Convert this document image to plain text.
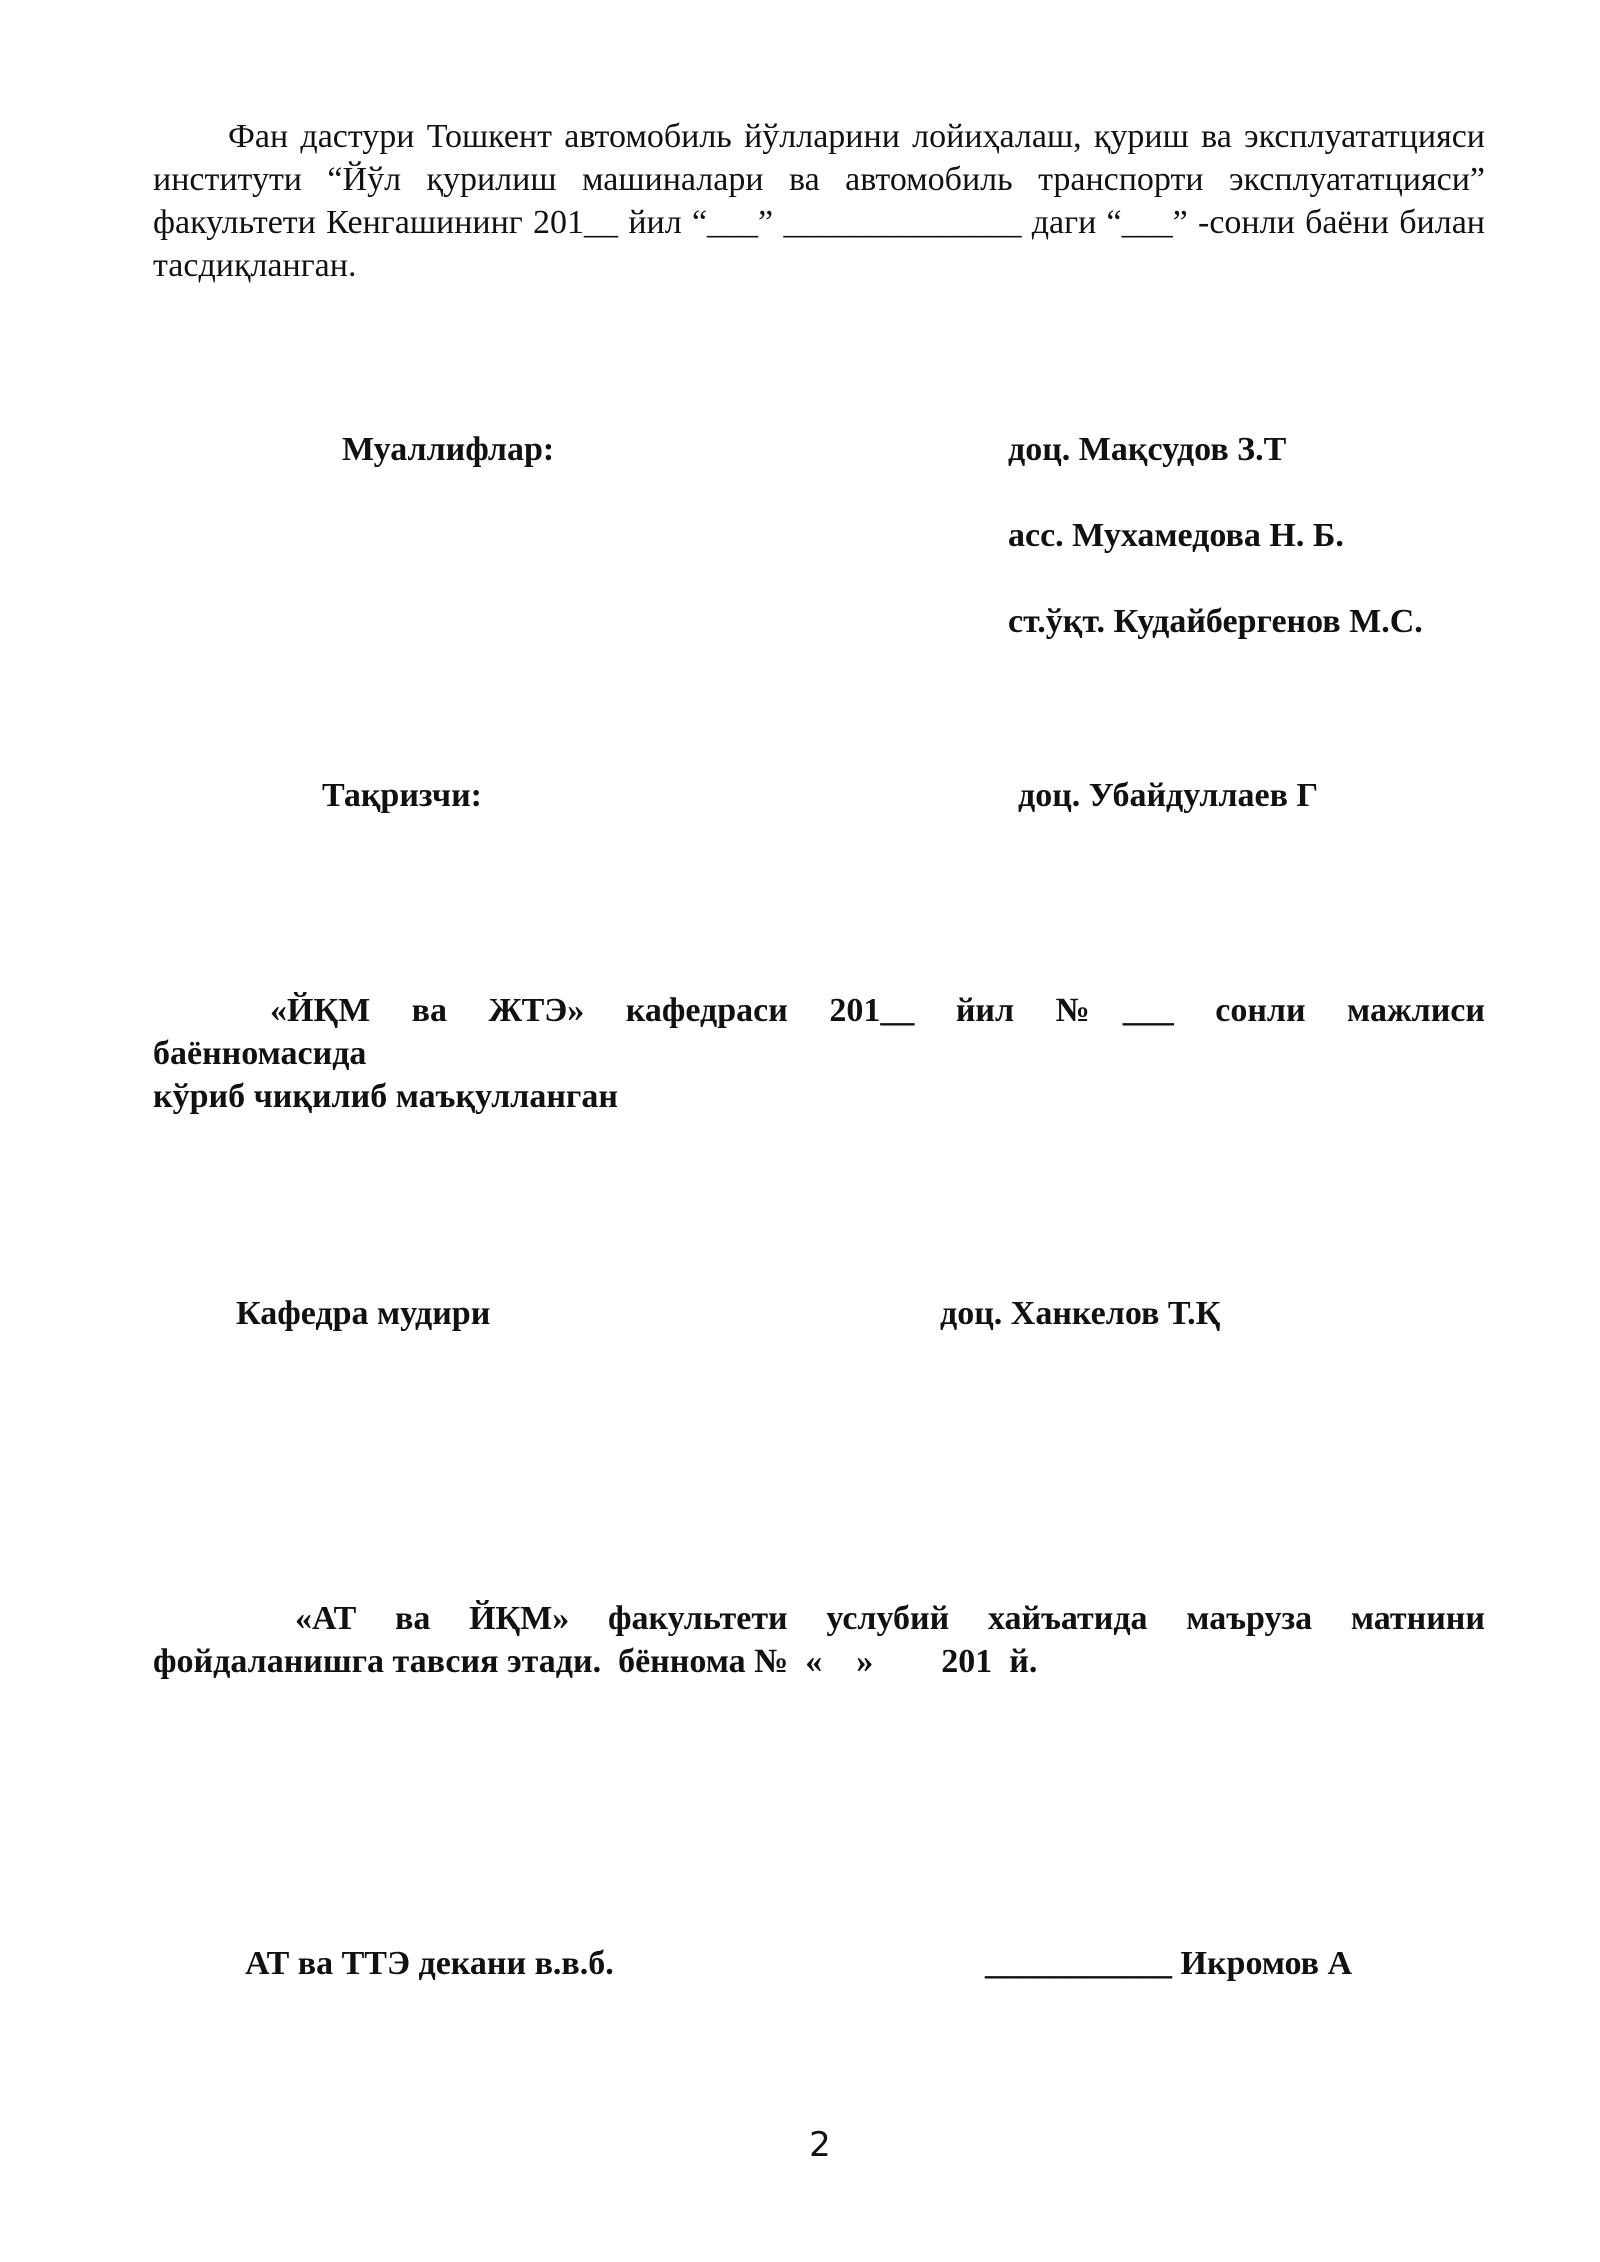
Фан дастури Тошкент автомобиль йўлларини лойиҳалаш, қуриш ва эксплуататцияси институти “Йўл қурилиш машиналари ва автомобиль транспорти эксплуататцияси” факультети Кенгашининг 201__ йил “___” ______________ даги “___” -сонли баёни билан тасдиқланган.

Муаллифлар:	доц. Мақсудов З.Т
асс. Мухамедова Н. Б.
ст.ўқт. Кудайбергенов М.С.
Тақризчи:	доц. Убайдуллаев Г
«ЙҚМ ва ЖТЭ» кафедраси 201__ йил №___ сонли мажлиси
баённомасида
кўриб чиқилиб маъқулланган
Кафедра мудири	доц. Ханкелов Т.Қ
«АТ ва ЙҚМ» факультети услубий хайъатида маъруза матнини
фойдаланишга тавсия этади.  бённома №  «    »        201  й.
АТ ва ТТЭ декани в.в.б.	___________ Икромов А
2
